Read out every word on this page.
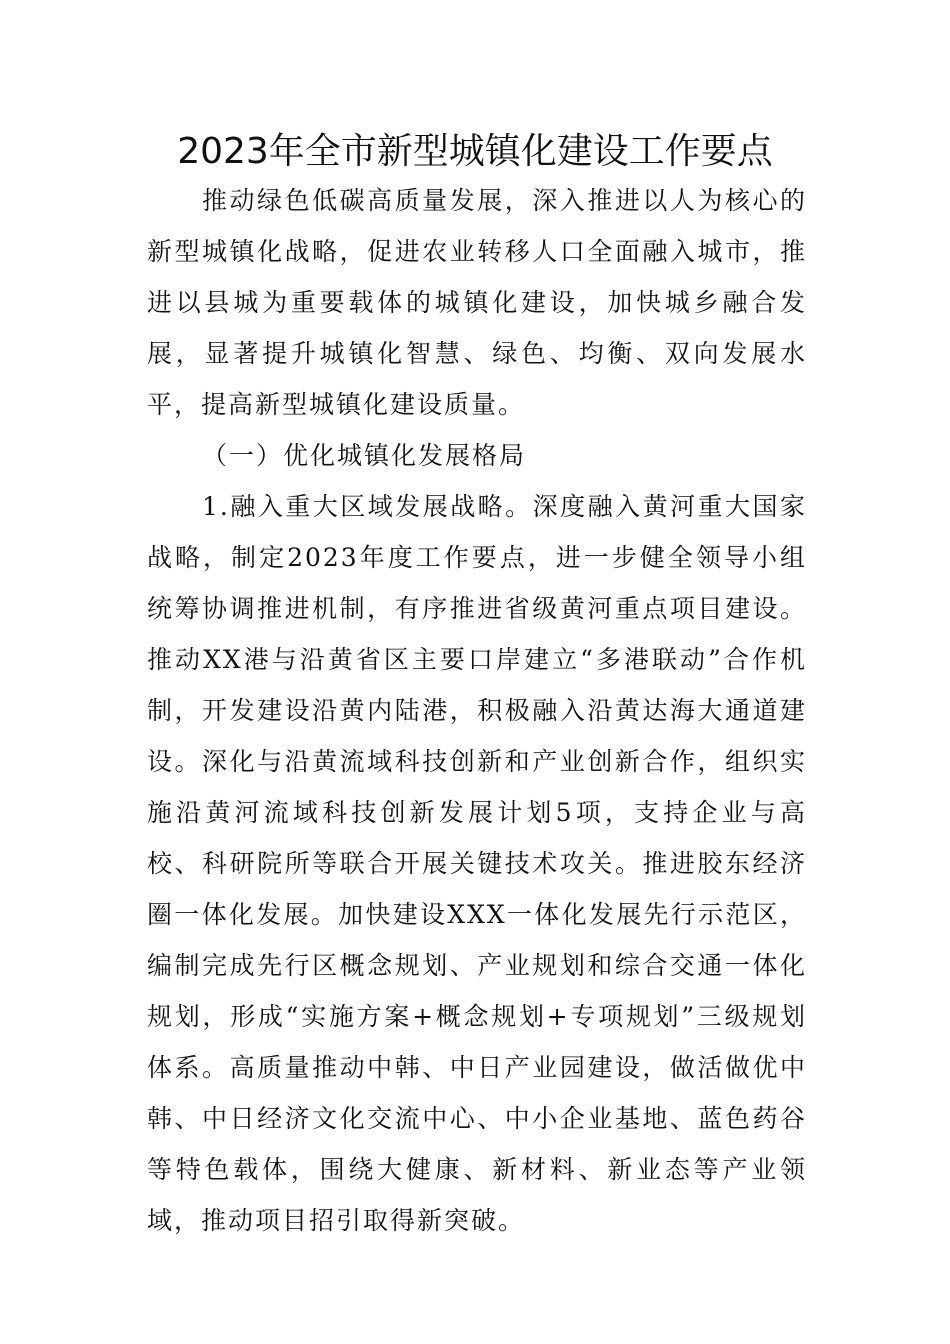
2023年全市新型城镇化建设工作要点

推动绿色低碳高质量发展，深入推进以人为核心的新型城镇化战略，促进农业转移人口全面融入城市，推进以县城为重要载体的城镇化建设，加快城乡融合发展，显著提升城镇化智慧、绿色、均衡、双向发展水平，提高新型城镇化建设质量。

（一）优化城镇化发展格局

1.融入重大区域发展战略。深度融入黄河重大国家战略，制定2023年度工作要点，进一步健全领导小组统筹协调推进机制，有序推进省级黄河重点项目建设。推动XX港与沿黄省区主要口岸建立“多港联动”合作机制，开发建设沿黄内陆港，积极融入沿黄达海大通道建设。深化与沿黄流域科技创新和产业创新合作，组织实施沿黄河流域科技创新发展计划5项，支持企业与高校、科研院所等联合开展关键技术攻关。推进胶东经济圈一体化发展。加快建设XXX一体化发展先行示范区，编制完成先行区概念规划、产业规划和综合交通一体化规划，形成“实施方案+概念规划+专项规划”三级规划体系。高质量推动中韩、中日产业园建设，做活做优中韩、中日经济文化交流中心、中小企业基地、蓝色药谷等特色载体，围绕大健康、新材料、新业态等产业领域，推动项目招引取得新突破。
